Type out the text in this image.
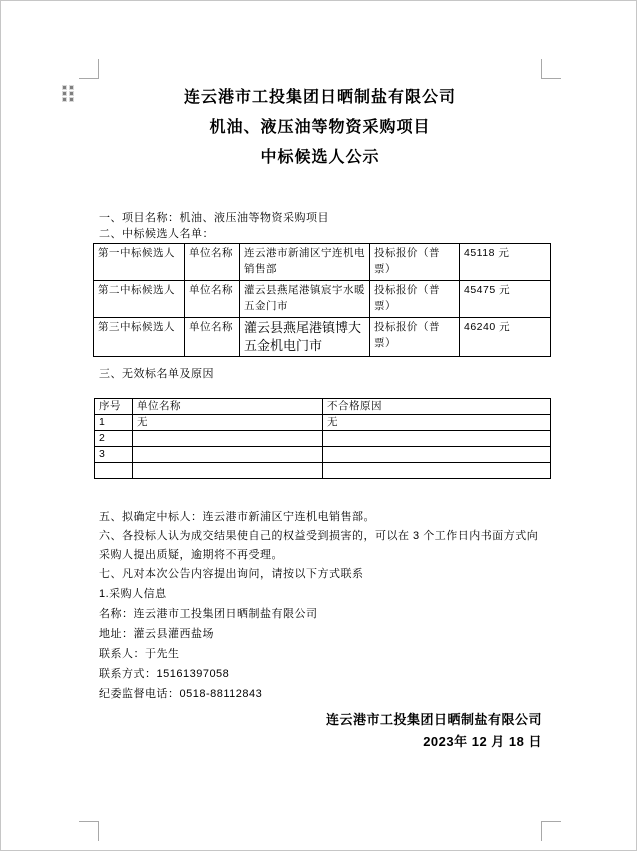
连云港市工投集团日晒制盐有限公司
机油、液压油等物资采购项目
中标候选人公示
一、项目名称：机油、液压油等物资采购项目
二、中标候选人名单：
第一中标候选人	单位名称	连云港市新浦区宁连机电销售部	投标报价（普票）	45118 元
第二中标候选人	单位名称	灌云县燕尾港镇宸宇水暖五金门市	投标报价（普票）	45475 元
第三中标候选人	单位名称	灌云县燕尾港镇博大五金机电门市	投标报价（普票）	46240 元
三、无效标名单及原因
序号	单位名称	不合格原因
1	无	无
2		
3		

五、拟确定中标人：连云港市新浦区宁连机电销售部。

六、各投标人认为成交结果使自己的权益受到损害的，可以在 3 个工作日内书面方式向采购人提出质疑，逾期将不再受理。

七、凡对本次公告内容提出询问，请按以下方式联系

1.采购人信息

名称：连云港市工投集团日晒制盐有限公司

地址：灌云县灌西盐场

联系人：于先生

联系方式：15161397058

纪委监督电话：0518-88112843

连云港市工投集团日晒制盐有限公司
2023年 12 月 18 日
